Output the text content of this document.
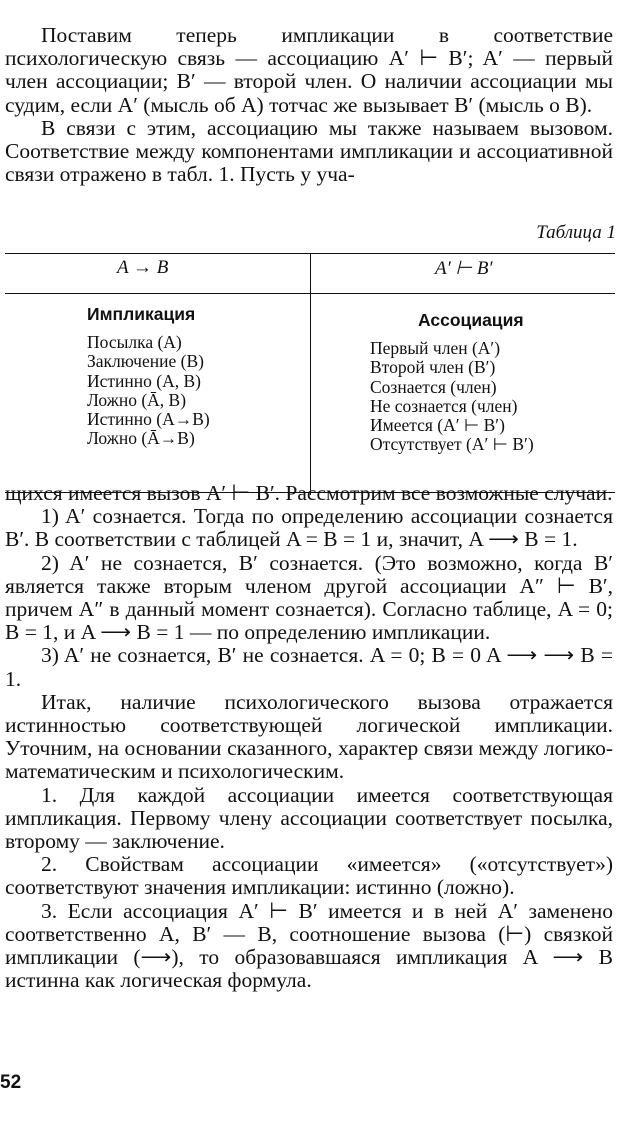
Поставим теперь импликации в соответствие психологическую связь — ассоциацию A′ ⊢ B′; A′ — первый член ассоциации; B′ — второй член. О наличии ассоциации мы судим, если A′ (мысль об A) тотчас же вызывает B′ (мысль о B).

В связи с этим, ассоциацию мы также называем вызовом. Соответствие между компонентами импликации и ассоциативной связи отражено в табл. 1. Пусть у уча-

Таблица 1
A → B	A′ ⊢ B′
Импликация
Посылка (A)
Заключение (B)
Истинно (A, B)
Ложно (Ā, B)
Истинно (A→B)
Ложно (Ā→B)
Ассоциация
Первый член (A′)
Второй член (B′)
Сознается (член)
Не сознается (член)
Имеется (A′ ⊢ B′)
Отсутствует (A′ ⊢ B′)

щихся имеется вызов A′ ⊢ B′. Рассмотрим все возможные случаи.

1) A′ сознается. Тогда по определению ассоциации сознается B′. В соответствии с таблицей A = B = 1 и, значит, A ⟶ B = 1.

2) A′ не сознается, B′ сознается. (Это возможно, когда B′ является также вторым членом другой ассоциации A″ ⊢ B′, причем A″ в данный момент сознается). Согласно таблице, A = 0; B = 1, и A ⟶ B = 1 — по определению импликации.

3) A′ не сознается, B′ не сознается. A = 0; B = 0 A ⟶ ⟶ B = 1.

Итак, наличие психологического вызова отражается истинностью соответствующей логической импликации. Уточним, на основании сказанного, характер связи между логико-математическим и психологическим.

1. Для каждой ассоциации имеется соответствующая импликация. Первому члену ассоциации соответствует посылка, второму — заключение.

2. Свойствам ассоциации «имеется» («отсутствует») соответствуют значения импликации: истинно (ложно).

3. Если ассоциация A′ ⊢ B′ имеется и в ней A′ заменено соответственно A, B′ — B, соотношение вызова (⊢) связкой импликации (⟶), то образовавшаяся импликация A ⟶ B истинна как логическая формула.

52
